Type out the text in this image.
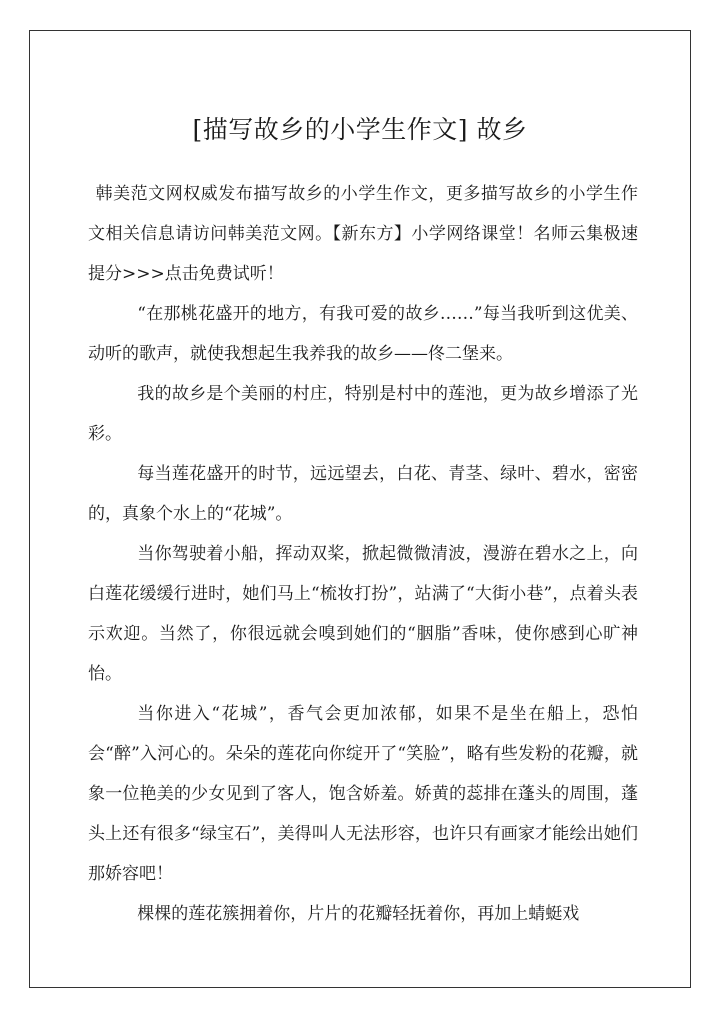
[描写故乡的小学生作文] 故乡

韩美范文网权威发布描写故乡的小学生作文，更多描写故乡的小学生作文相关信息请访问韩美范文网。【新东方】小学网络课堂！名师云集极速提分>>>点击免费试听！

“在那桃花盛开的地方，有我可爱的故乡……”每当我听到这优美、动听的歌声，就使我想起生我养我的故乡——佟二堡来。

我的故乡是个美丽的村庄，特别是村中的莲池，更为故乡增添了光彩。

每当莲花盛开的时节，远远望去，白花、青茎、绿叶、碧水，密密的，真象个水上的“花城”。

当你驾驶着小船，挥动双桨，掀起微微清波，漫游在碧水之上，向白莲花缓缓行进时，她们马上“梳妆打扮”，站满了“大街小巷”，点着头表示欢迎。当然了，你很远就会嗅到她们的“胭脂”香味，使你感到心旷神怡。

当你进入“花城”，香气会更加浓郁，如果不是坐在船上，恐怕会“醉”入河心的。朵朵的莲花向你绽开了“笑脸”，略有些发粉的花瓣，就象一位艳美的少女见到了客人，饱含娇羞。娇黄的蕊排在蓬头的周围，蓬头上还有很多“绿宝石”，美得叫人无法形容，也许只有画家才能绘出她们那娇容吧！

棵棵的莲花簇拥着你，片片的花瓣轻抚着你，再加上蜻蜓戏
